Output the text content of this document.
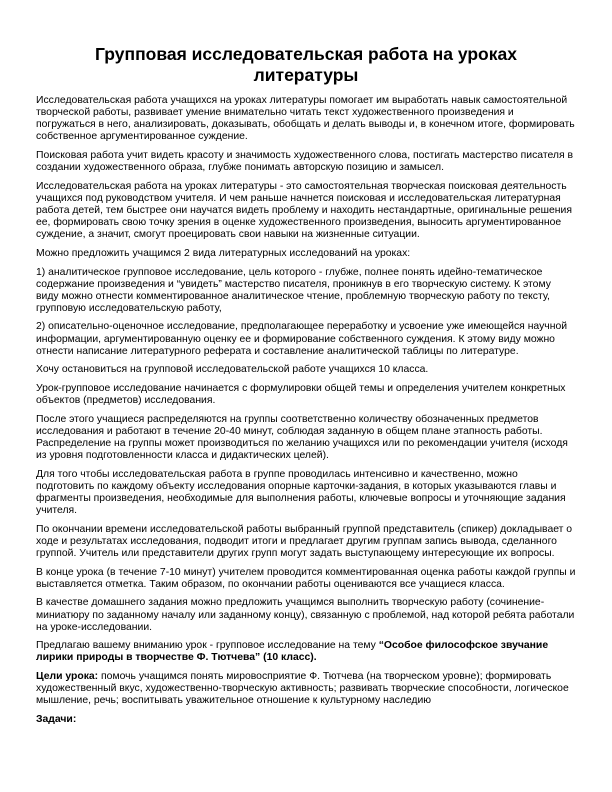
Групповая исследовательская работа на уроках литературы

Исследовательская работа учащихся на уроках литературы помогает им выработать навык самостоятельной творческой работы, развивает умение внимательно читать текст художественного произведения и погружаться в него, анализировать, доказывать, обобщать и делать выводы и, в конечном итоге, формировать собственное аргументированное суждение.

Поисковая работа учит видеть красоту и значимость художественного слова, постигать мастерство писателя в создании художественного образа, глубже понимать авторскую позицию и замысел.

Исследовательская работа на уроках литературы - это самостоятельная творческая поисковая деятельность учащихся под руководством учителя. И чем раньше начнется поисковая и исследовательская литературная работа детей, тем быстрее они научатся видеть проблему и находить нестандартные, оригинальные решения ее, формировать свою точку зрения в оценке художественного произведения, выносить аргументированное суждение, а значит, смогут проецировать свои навыки на жизненные ситуации.

Можно предложить учащимся 2 вида литературных исследований на уроках:

1) аналитическое групповое исследование, цель которого - глубже, полнее понять идейно-тематическое содержание произведения и “увидеть” мастерство писателя, проникнув в его творческую систему. К этому виду можно отнести комментированное аналитическое чтение, проблемную творческую работу по тексту, групповую исследовательскую работу,

2) описательно-оценочное исследование, предполагающее переработку и усвоение уже имеющейся научной информации, аргументированную оценку ее и формирование собственного суждения. К этому виду можно отнести написание литературного реферата и составление аналитической таблицы по литературе.

Хочу остановиться на групповой исследовательской работе учащихся 10 класса.

Урок-групповое исследование начинается с формулировки общей темы и определения учителем конкретных объектов (предметов) исследования.

После этого учащиеся распределяются на группы соответственно количеству обозначенных предметов исследования и работают в течение 20-40 минут, соблюдая заданную в общем плане этапность работы. Распределение на группы может производиться по желанию учащихся или по рекомендации учителя (исходя из уровня подготовленности класса и дидактических целей).

Для того чтобы исследовательская работа в группе проводилась интенсивно и качественно, можно подготовить по каждому объекту исследования опорные карточки-задания, в которых указываются главы и фрагменты произведения, необходимые для выполнения работы, ключевые вопросы и уточняющие задания учителя.

По окончании времени исследовательской работы выбранный группой представитель (спикер) докладывает о ходе и результатах исследования, подводит итоги и предлагает другим группам запись вывода, сделанного группой. Учитель или представители других групп могут задать выступающему интересующие их вопросы.

В конце урока (в течение 7-10 минут) учителем проводится комментированная оценка работы каждой группы и выставляется отметка. Таким образом, по окончании работы оцениваются все учащиеся класса.

В качестве домашнего задания можно предложить учащимся выполнить творческую работу (сочинение-миниатюру по заданному началу или заданному концу), связанную с проблемой, над которой ребята работали на уроке-исследовании.

Предлагаю вашему вниманию урок - групповое исследование на тему “Особое философское звучание лирики природы в творчестве Ф. Тютчева” (10 класс).

Цели урока: помочь учащимся понять мировосприятие Ф. Тютчева (на творческом уровне); формировать художественный вкус, художественно-творческую активность; развивать творческие способности, логическое мышление, речь; воспитывать уважительное отношение к культурному наследию

Задачи:
